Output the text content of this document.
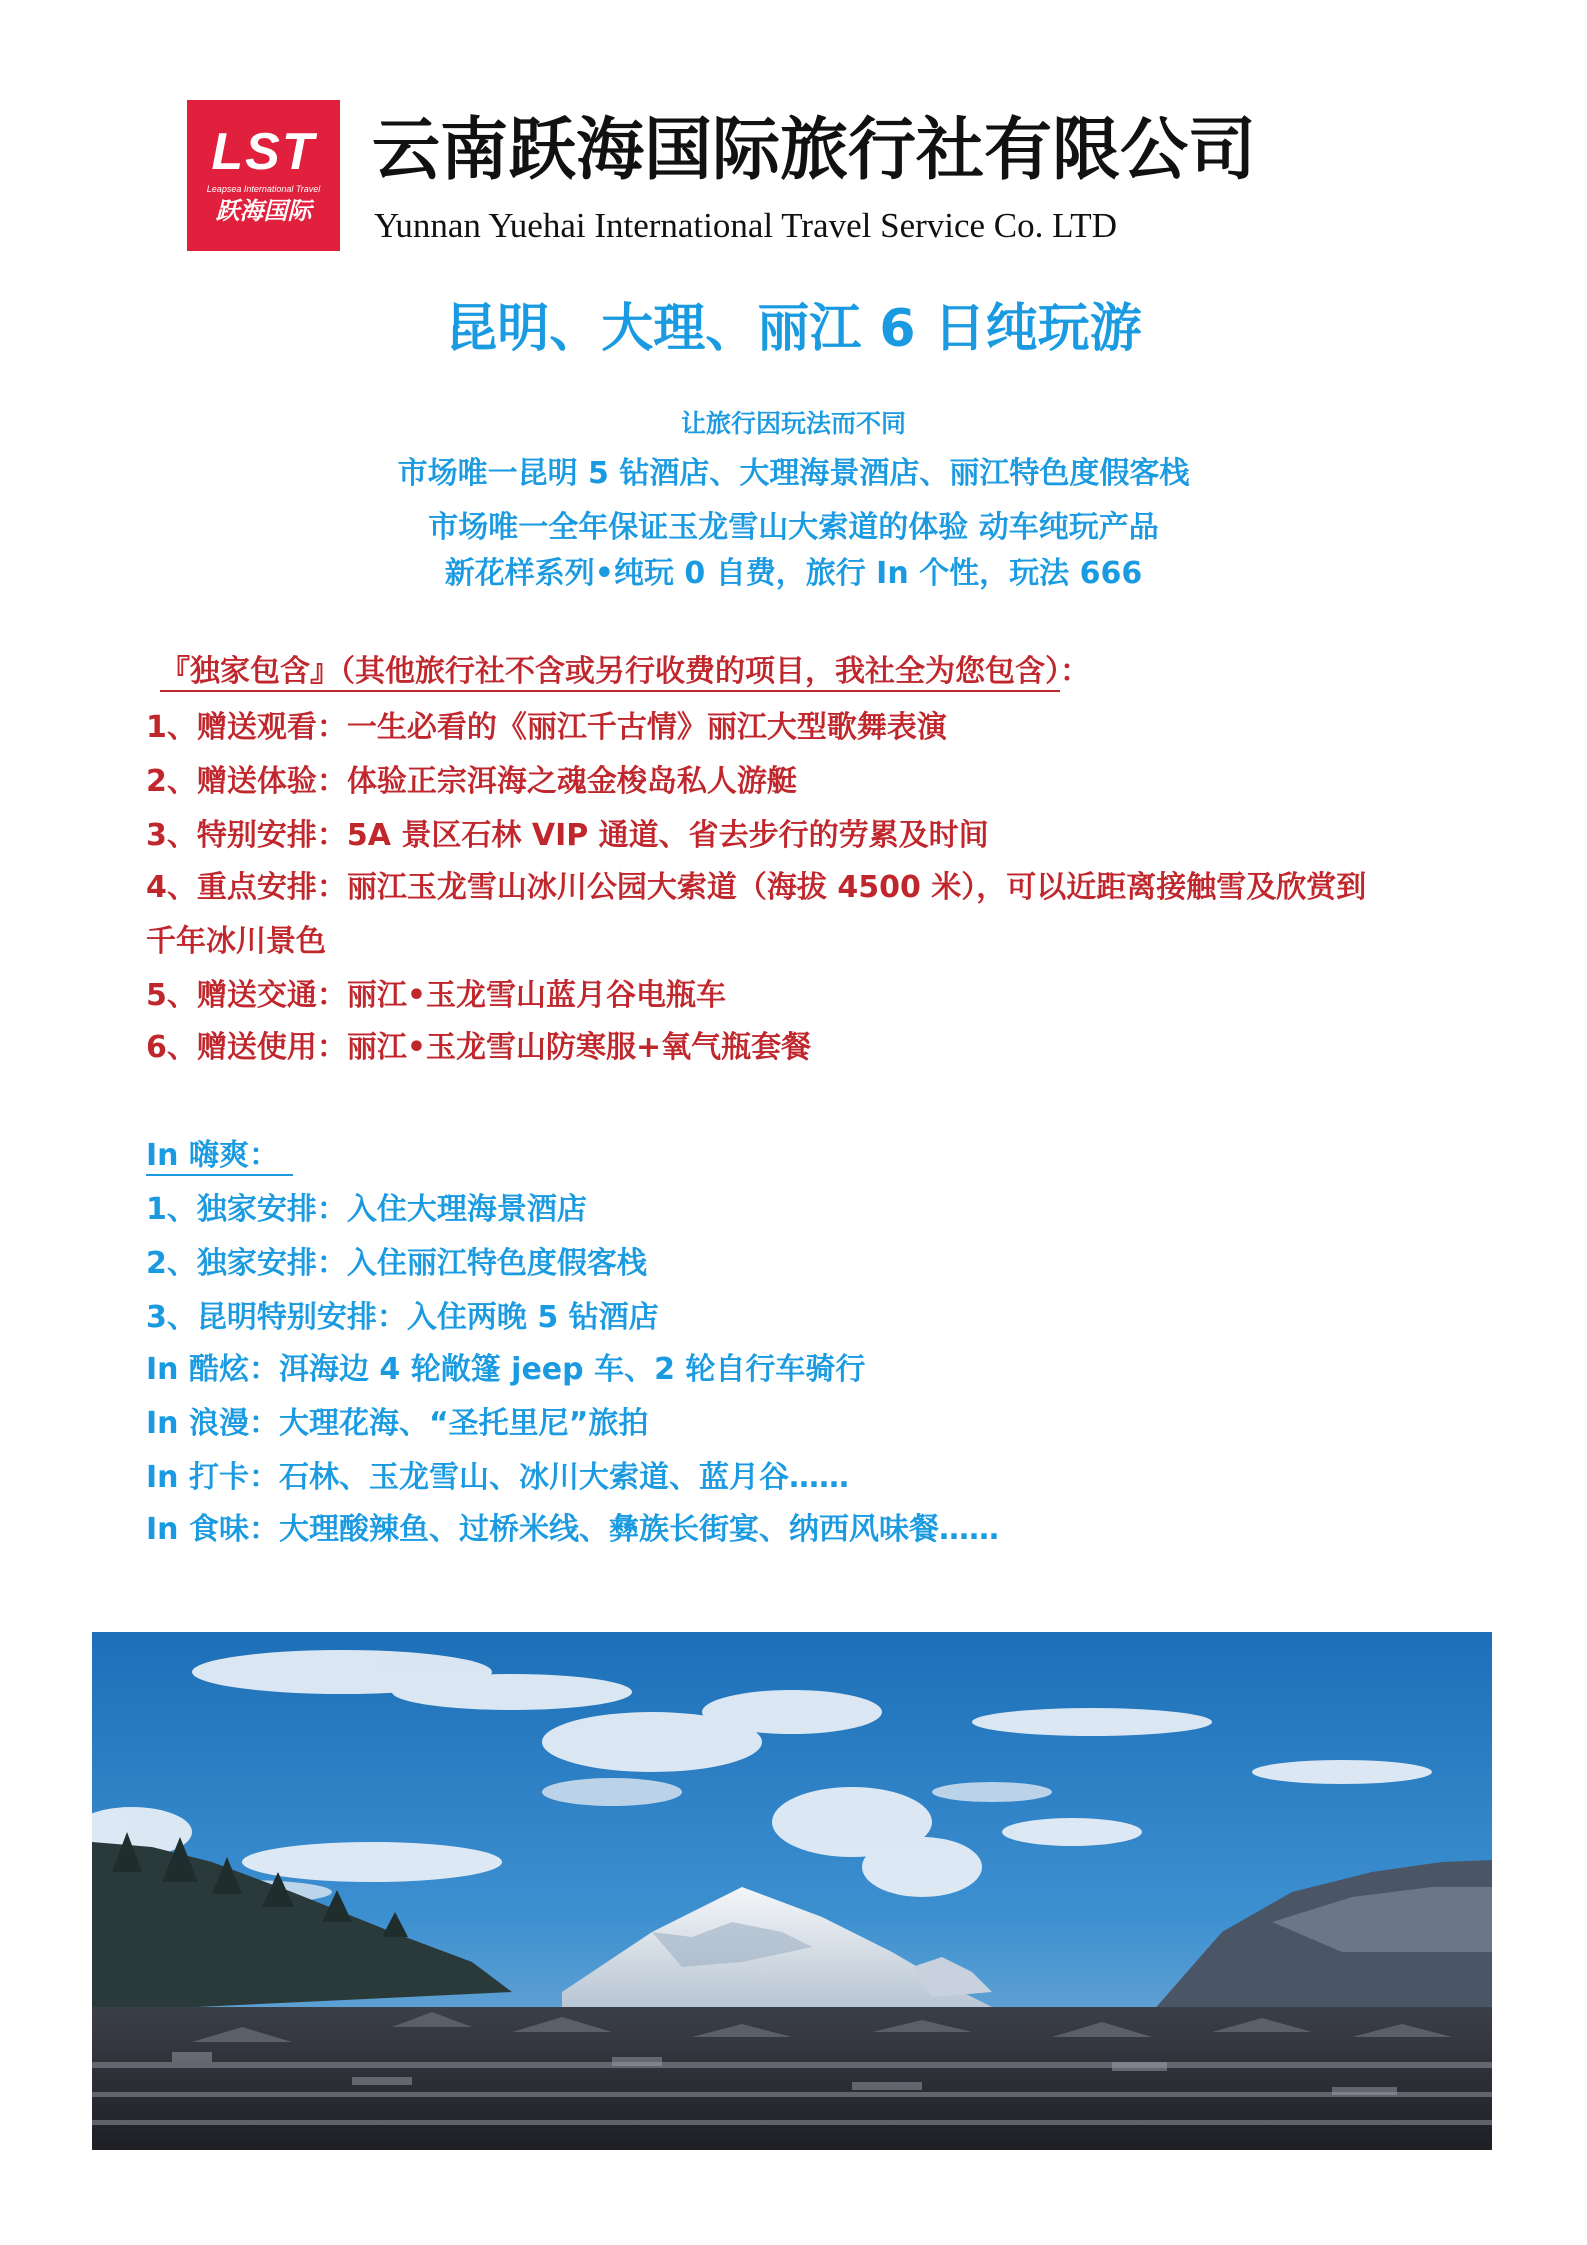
LST
Leapsea International Travel
跃海国际
云南跃海国际旅行社有限公司
Yunnan Yuehai International Travel Service Co. LTD
昆明、大理、丽江 6 日纯玩游
让旅行因玩法而不同
市场唯一昆明 5 钻酒店、大理海景酒店、丽江特色度假客栈
市场唯一全年保证玉龙雪山大索道的体验 动车纯玩产品
新花样系列•纯玩 0 自费，旅行 In 个性，玩法 666
『独家包含』（其他旅行社不含或另行收费的项目，我社全为您包含）：
1、赠送观看：一生必看的《丽江千古情》丽江大型歌舞表演
2、赠送体验：体验正宗洱海之魂金梭岛私人游艇
3、特别安排：5A 景区石林 VIP 通道、省去步行的劳累及时间
4、重点安排：丽江玉龙雪山冰川公园大索道（海拔 4500 米），可以近距离接触雪及欣赏到
千年冰川景色
5、赠送交通：丽江•玉龙雪山蓝月谷电瓶车
6、赠送使用：丽江•玉龙雪山防寒服+氧气瓶套餐
In 嗨爽：
1、独家安排：入住大理海景酒店
2、独家安排：入住丽江特色度假客栈
3、昆明特别安排：入住两晚 5 钻酒店
In 酷炫：洱海边 4 轮敞篷 jeep 车、2 轮自行车骑行
In 浪漫：大理花海、“圣托里尼”旅拍
In 打卡：石林、玉龙雪山、冰川大索道、蓝月谷……
In 食味：大理酸辣鱼、过桥米线、彝族长街宴、纳西风味餐……
